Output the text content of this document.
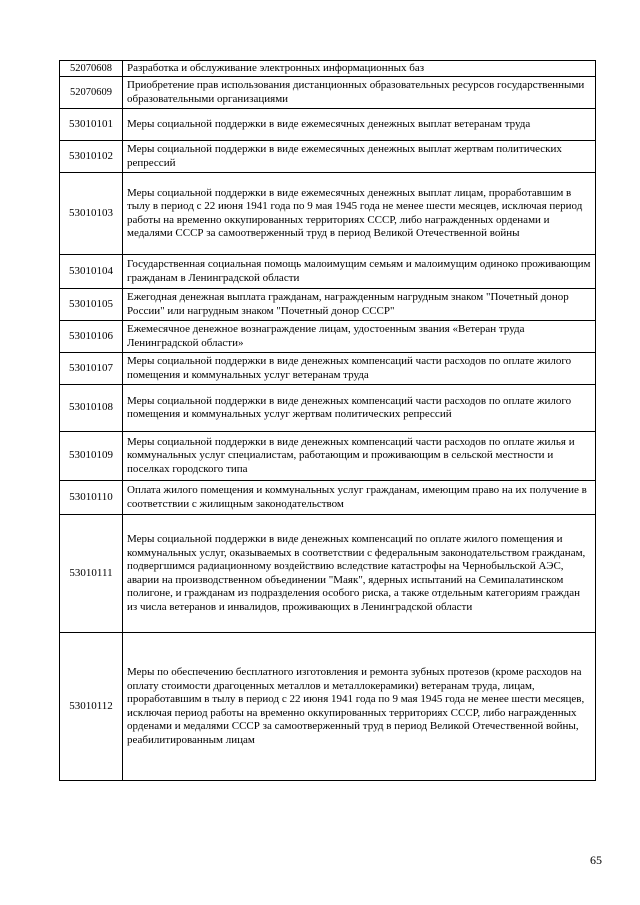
52070608	Разработка и обслуживание электронных информационных баз
52070609	Приобретение прав использования дистанционных образовательных ресурсов государственными образовательными организациями
53010101	Меры социальной поддержки в виде ежемесячных денежных выплат ветеранам труда
53010102	Меры социальной поддержки в виде ежемесячных денежных выплат жертвам политических репрессий
53010103	Меры социальной поддержки в виде ежемесячных денежных выплат лицам, проработавшим в тылу в период с 22 июня 1941 года по 9 мая 1945 года не менее шести месяцев, исключая период работы на временно оккупированных территориях СССР, либо награжденных орденами и медалями СССР за самоотверженный труд в период Великой Отечественной войны
53010104	Государственная социальная помощь малоимущим семьям и малоимущим одиноко проживающим гражданам в Ленинградской области
53010105	Ежегодная денежная выплата гражданам, награжденным нагрудным знаком "Почетный донор России" или нагрудным знаком "Почетный донор СССР"
53010106	Ежемесячное денежное вознаграждение лицам, удостоенным звания «Ветеран труда Ленинградской области»
53010107	Меры социальной поддержки в виде денежных компенсаций части расходов по оплате жилого помещения и коммунальных услуг ветеранам труда
53010108	Меры социальной поддержки в виде денежных компенсаций части расходов по оплате жилого помещения и коммунальных услуг жертвам политических репрессий
53010109	Меры социальной поддержки в виде денежных компенсаций части расходов по оплате жилья и коммунальных услуг специалистам, работающим и проживающим в сельской местности и поселках городского типа
53010110	Оплата жилого помещения и коммунальных услуг гражданам, имеющим право на их получение в соответствии с жилищным законодательством
53010111	Меры социальной поддержки в виде денежных компенсаций по оплате жилого помещения и коммунальных услуг, оказываемых в соответствии с федеральным законодательством гражданам, подвергшимся радиационному воздействию вследствие катастрофы на Чернобыльской АЭС, аварии на производственном объединении "Маяк", ядерных испытаний на Семипалатинском полигоне, и гражданам из подразделения особого риска, а также отдельным категориям граждан из числа ветеранов и инвалидов, проживающих в Ленинградской области
53010112	Меры по обеспечению бесплатного изготовления и ремонта зубных протезов (кроме расходов на оплату стоимости драгоценных металлов и металлокерамики) ветеранам труда, лицам, проработавшим в тылу в период с 22 июня 1941 года по 9 мая 1945 года не менее шести месяцев, исключая период работы на временно оккупированных территориях СССР, либо награжденных орденами и медалями СССР за самоотверженный труд в период Великой Отечественной войны, реабилитированным лицам
65
